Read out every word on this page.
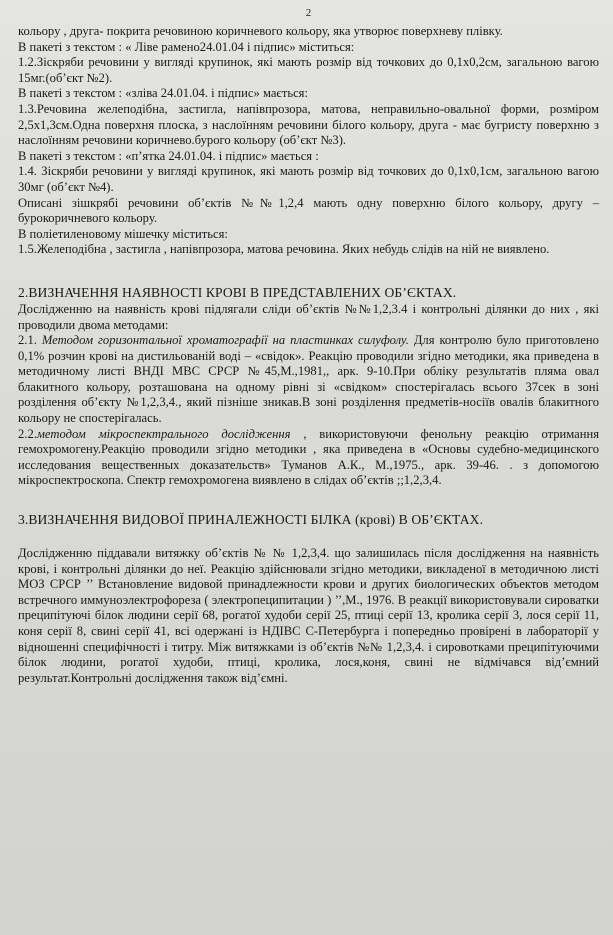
2

кольору , друга- покрита речовиною коричневого кольору, яка утворює поверхневу плівку.

В пакеті з текстом : « Ліве рамено24.01.04 і підпис» міститься:

1.2.Зіскряби речовини у вигляді крупинок, які мають розмір від точкових до 0,1х0,2см, загальною вагою 15мг.(об’єкт №2).

В пакеті з текстом : «зліва 24.01.04. і підпис» мається:

1.3.Речовина желеподібна, застигла, напівпрозора, матова, неправильно-овальної форми, розміром 2,5х1,3см.Одна поверхня плоска, з наслоїнням речовини білого кольору, друга - має бугристу поверхню з наслоїнням речовини коричнево.бурого кольору (об’єкт №3).

В пакеті з текстом : «п’ятка 24.01.04. і підпис» мається :

1.4. Зіскряби речовини у вигляді крупинок, які мають розмір від точкових до 0,1х0,1см, загальною вагою 30мг (об’єкт №4).

Описані зішкрябі речовини об’єктів №№1,2,4 мають одну поверхню білого кольору, другу – бурокоричневого кольору.

В поліетиленовому мішечку міститься:

1.5.Желеподібна , застигла , напівпрозора, матова речовина. Яких небудь слідів на ній не виявлено.

2.ВИЗНАЧЕННЯ НАЯВНОСТІ КРОВІ В ПРЕДСТАВЛЕНИХ ОБ’ЄКТАХ.

Дослідженню на наявність крові підлягали сліди об’єктів №№1,2,3.4 і контрольні ділянки до них , які проводили двома методами:

2.1. Методом горизонтальної хроматографії на пластинках силуфолу. Для контролю було приготовлено 0,1% розчин крові на дистильованій воді – «свідок». Реакцію проводили згідно методики, яка приведена в методичному листі ВНДІ МВС СРСР №45,М.,1981,, арк. 9-10.При обліку результатів пляма овал блакитного кольору, розташована на одному рівні зі «свідком» спостерігалась всього 37сек в зоні розділення об’єкту №1,2,3,4., який пізніше зникав.В зоні розділення предметів-носіїв овалів блакитного кольору не спостерігалась.

2.2.методом мікроспектрального дослідження , використовуючи фенольну реакцію отримання гемохромогену.Реакцію проводили згідно методики , яка приведена в «Основы судебно-медицинского исследования вещественных доказательств» Туманов А.К., М.,1975., арк. 39-46. . з допомогою мікроспектроскопа. Спектр гемохромогена виявлено в слідах об’єктів ;;1,2,3,4.

3.ВИЗНАЧЕННЯ ВИДОВОЇ ПРИНАЛЕЖНОСТІ БІЛКА (крові) В ОБ’ЄКТАХ.

Дослідженню піддавали витяжку об’єктів № № 1,2,3,4. що залишилась після дослідження на наявність крові, і контрольні ділянки до неї. Реакцію здійснювали згідно методики, викладеної в методичною листі МОЗ СРСР ’’ Встановление видовой принадлежности крови и других биологических объектов методом встречного иммуноэлектрофореза ( электропеципитации ) ’’,М., 1976. В реакції використовували сироватки преципітуючі білок людини серії 68, рогатої худоби серії 25, птиці серії 13, кролика серії 3, лося серії 11, коня серії 8, свині серії 41, всі одержані із НДІВС С-Петербурга і попередньо провірені в лабораторії у відношенні специфічності і титру. Між витяжками із об’єктів №№ 1,2,3,4. і сировотками преципітуючими білок людини, рогатої худоби, птиці, кролика, лося,коня, свині не відмічався від’ємний результат.Контрольні дослідження також від’ємні.
